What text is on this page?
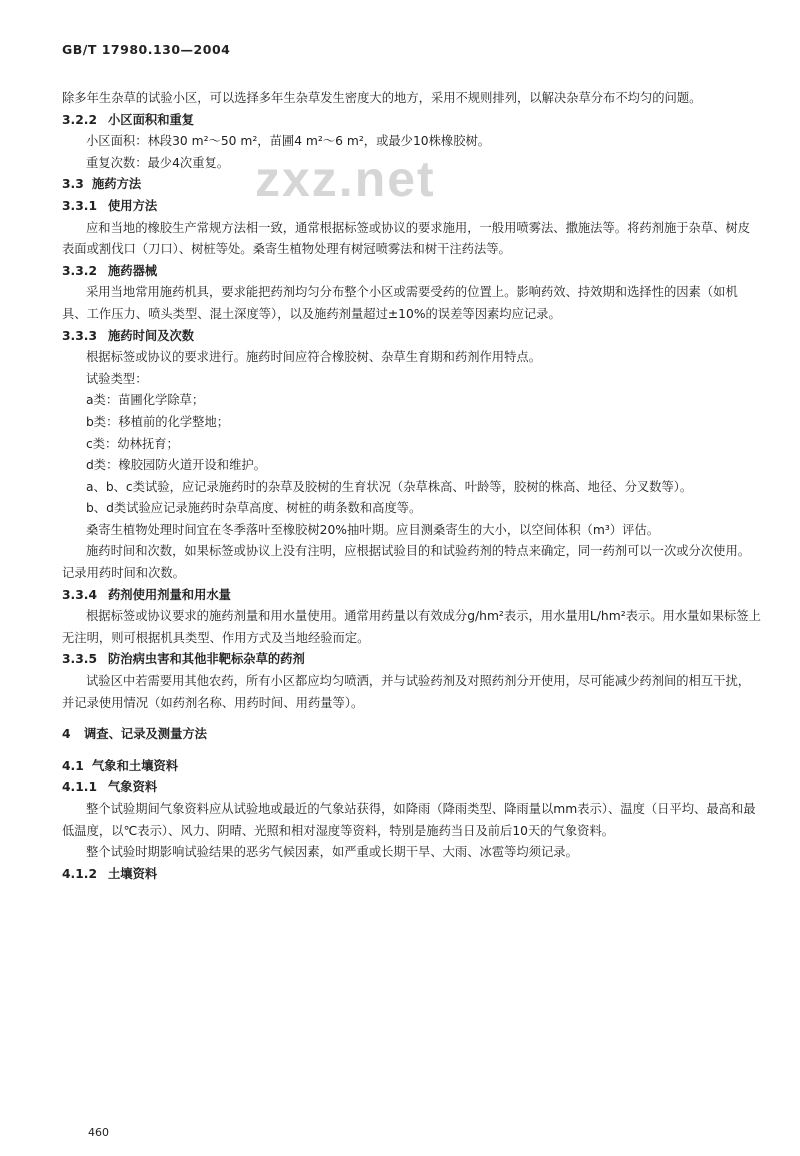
GB/T 17980.130—2004
zxz.net

除多年生杂草的试验小区，可以选择多年生杂草发生密度大的地方，采用不规则排列，以解决杂草分布不均匀的问题。

3.2.2 小区面积和重复

小区面积：林段30 m²～50 m²，苗圃4 m²～6 m²，或最少10株橡胶树。

重复次数：最少4次重复。

3.3 施药方法

3.3.1 使用方法

应和当地的橡胶生产常规方法相一致，通常根据标签或协议的要求施用，一般用喷雾法、撒施法等。将药剂施于杂草、树皮表面或割伐口（刀口）、树桩等处。桑寄生植物处理有树冠喷雾法和树干注药法等。

3.3.2 施药器械

采用当地常用施药机具，要求能把药剂均匀分布整个小区或需要受药的位置上。影响药效、持效期和选择性的因素（如机具、工作压力、喷头类型、混土深度等），以及施药剂量超过±10%的误差等因素均应记录。

3.3.3 施药时间及次数

根据标签或协议的要求进行。施药时间应符合橡胶树、杂草生育期和药剂作用特点。

试验类型：

a类：苗圃化学除草；

b类：移植前的化学整地；

c类：幼林抚育；

d类：橡胶园防火道开设和维护。

a、b、c类试验，应记录施药时的杂草及胶树的生育状况（杂草株高、叶龄等，胶树的株高、地径、分叉数等）。

b、d类试验应记录施药时杂草高度、树桩的萌条数和高度等。

桑寄生植物处理时间宜在冬季落叶至橡胶树20%抽叶期。应目测桑寄生的大小，以空间体积（m³）评估。

施药时间和次数，如果标签或协议上没有注明，应根据试验目的和试验药剂的特点来确定，同一药剂可以一次或分次使用。记录用药时间和次数。

3.3.4 药剂使用剂量和用水量

根据标签或协议要求的施药剂量和用水量使用。通常用药量以有效成分g/hm²表示，用水量用L/hm²表示。用水量如果标签上无注明，则可根据机具类型、作用方式及当地经验而定。

3.3.5 防治病虫害和其他非靶标杂草的药剂

试验区中若需要用其他农药，所有小区都应均匀喷洒，并与试验药剂及对照药剂分开使用，尽可能减少药剂间的相互干扰，并记录使用情况（如药剂名称、用药时间、用药量等）。

4 调查、记录及测量方法

4.1 气象和土壤资料

4.1.1 气象资料

整个试验期间气象资料应从试验地或最近的气象站获得，如降雨（降雨类型、降雨量以mm表示）、温度（日平均、最高和最低温度，以℃表示）、风力、阴晴、光照和相对湿度等资料，特别是施药当日及前后10天的气象资料。

整个试验时期影响试验结果的恶劣气候因素，如严重或长期干旱、大雨、冰雹等均须记录。

4.1.2 土壤资料

460
